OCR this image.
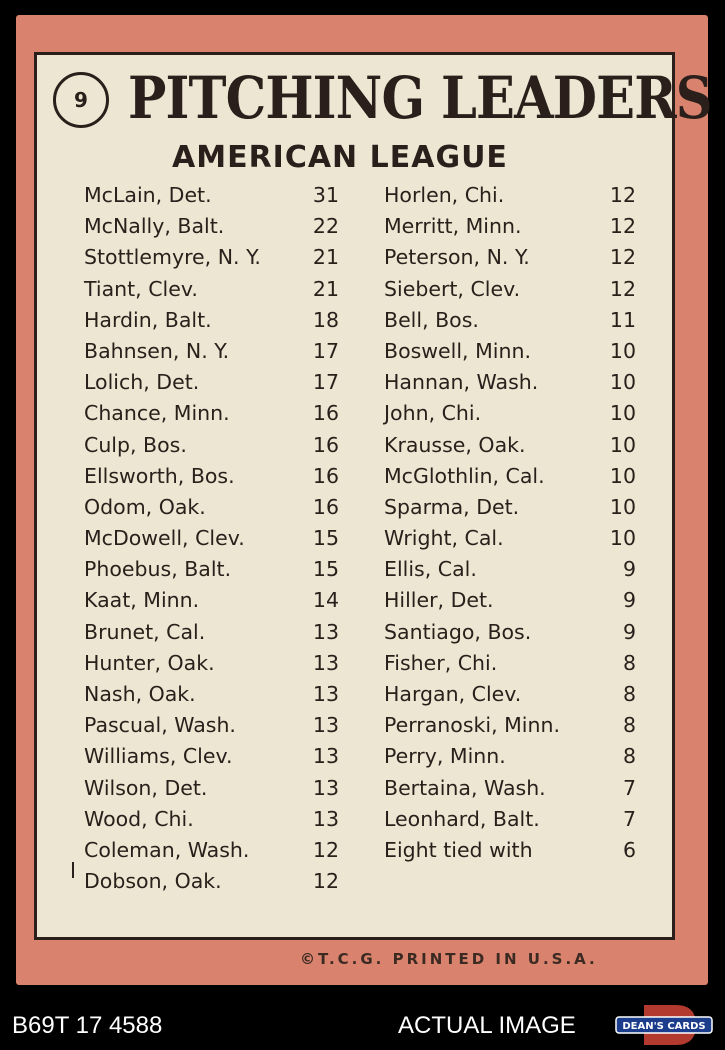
9 PITCHING LEADERS
AMERICAN LEAGUE
McLain, Det.	31
McNally, Balt.	22
Stottlemyre, N. Y.	21
Tiant, Clev.	21
Hardin, Balt.	18
Bahnsen, N. Y.	17
Lolich, Det.	17
Chance, Minn.	16
Culp, Bos.	16
Ellsworth, Bos.	16
Odom, Oak.	16
McDowell, Clev.	15
Phoebus, Balt.	15
Kaat, Minn.	14
Brunet, Cal.	13
Hunter, Oak.	13
Nash, Oak.	13
Pascual, Wash.	13
Williams, Clev.	13
Wilson, Det.	13
Wood, Chi.	13
Coleman, Wash.	12
Dobson, Oak.	12
Horlen, Chi.	12
Merritt, Minn.	12
Peterson, N. Y.	12
Siebert, Clev.	12
Bell, Bos.	11
Boswell, Minn.	10
Hannan, Wash.	10
John, Chi.	10
Krausse, Oak.	10
McGlothlin, Cal.	10
Sparma, Det.	10
Wright, Cal.	10
Ellis, Cal.	9
Hiller, Det.	9
Santiago, Bos.	9
Fisher, Chi.	8
Hargan, Clev.	8
Perranoski, Minn.	8
Perry, Minn.	8
Bertaina, Wash.	7
Leonhard, Balt.	7
Eight tied with	6
©T.C.G. PRINTED IN U.S.A.
B69T 17 4588	ACTUAL IMAGE	DEAN'S CARDS
